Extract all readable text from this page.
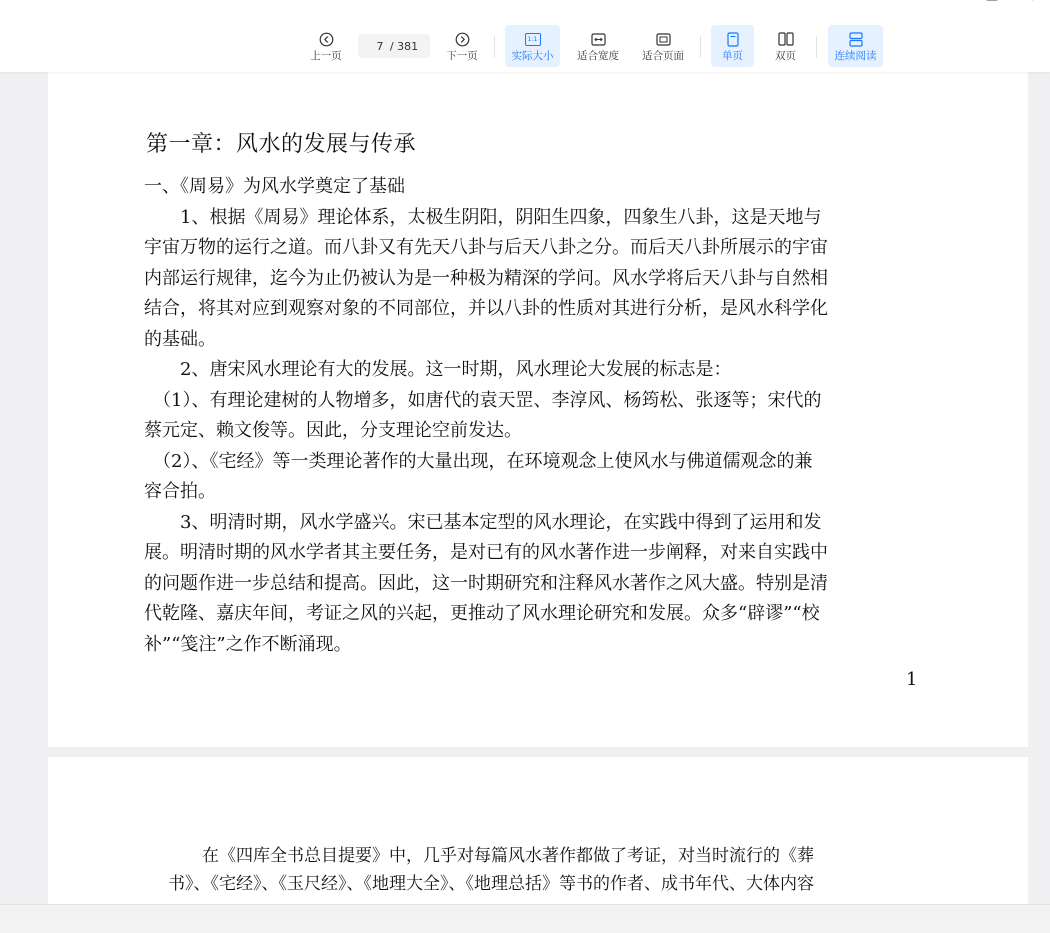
上一页
7
/ 381
下一页
1:1
实际大小 适合宽度 适合页面	单页	双页	连续阅读
第一章：风水的发展与传承
一、《周易》为风水学奠定了基础
　　1、根据《周易》理论体系，太极生阴阳，阴阳生四象，四象生八卦，这是天地与
宇宙万物的运行之道。而八卦又有先天八卦与后天八卦之分。而后天八卦所展示的宇宙
内部运行规律，迄今为止仍被认为是一种极为精深的学问。风水学将后天八卦与自然相
结合，将其对应到观察对象的不同部位，并以八卦的性质对其进行分析，是风水科学化
的基础。
　　2、唐宋风水理论有大的发展。这一时期，风水理论大发展的标志是：
　（1）、有理论建树的人物增多，如唐代的袁天罡、李淳风、杨筠松、张逐等；宋代的
蔡元定、赖文俊等。因此，分支理论空前发达。
　（2）、《宅经》等一类理论著作的大量出现，在环境观念上使风水与佛道儒观念的兼
容合拍。
　　3、明清时期，风水学盛兴。宋已基本定型的风水理论，在实践中得到了运用和发
展。明清时期的风水学者其主要任务，是对已有的风水著作进一步阐释，对来自实践中
的问题作进一步总结和提高。因此，这一时期研究和注释风水著作之风大盛。特别是清
代乾隆、嘉庆年间，考证之风的兴起，更推动了风水理论研究和发展。众多“辟谬”“校
补”“笺注”之作不断涌现。
1
　　在《四库全书总目提要》中，几乎对每篇风水著作都做了考证，对当时流行的《葬
书》、《宅经》、《玉尺经》、《地理大全》、《地理总括》等书的作者、成书年代、大体内容
